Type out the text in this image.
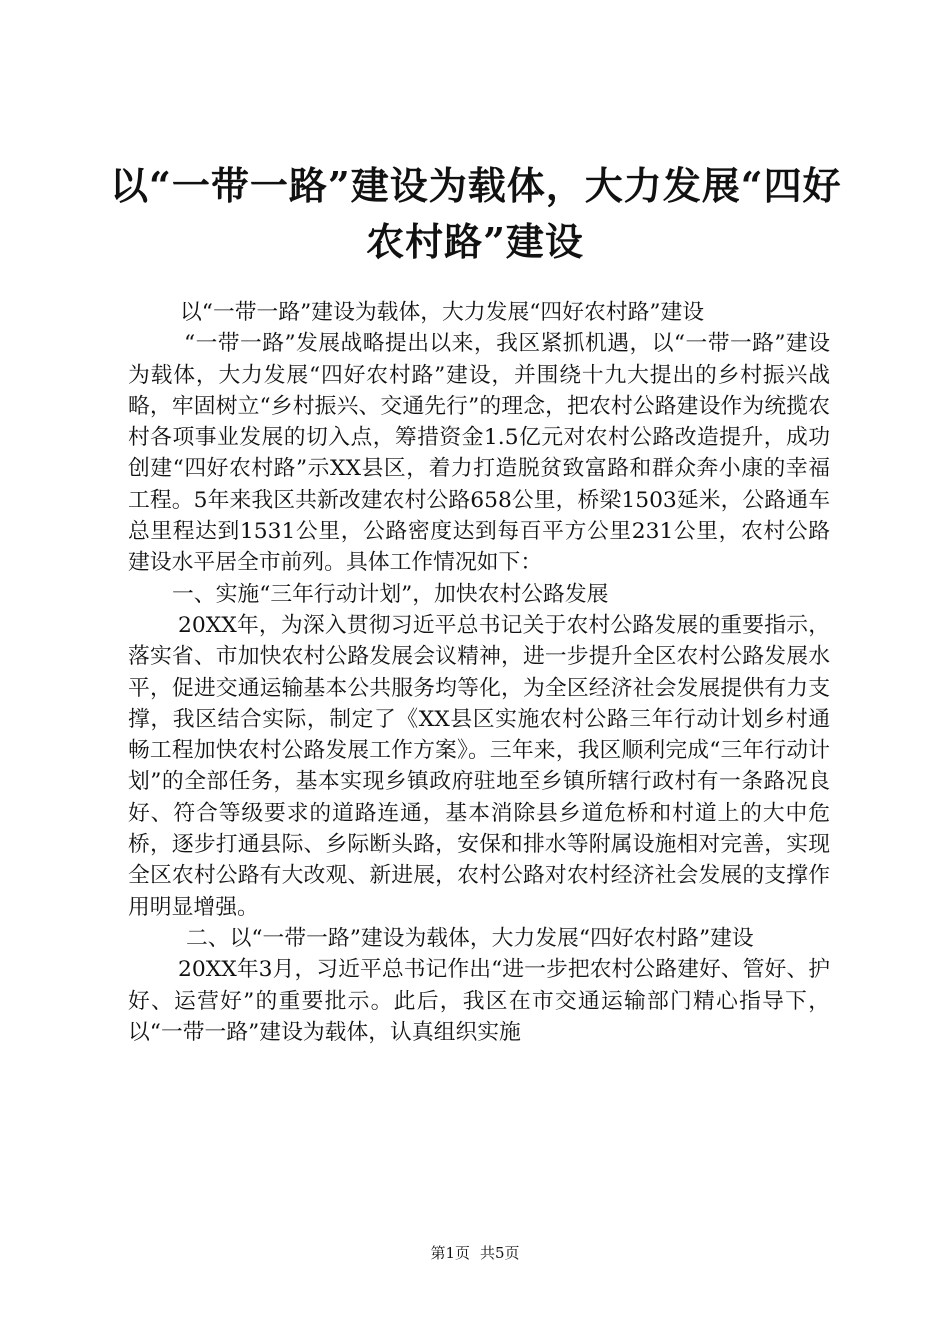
以“一带一路”建设为载体，大力发展“四好
农村路”建设

以“一带一路”建设为载体，大力发展“四好农村路”建设

“一带一路”发展战略提出以来，我区紧抓机遇，以“一带一路”建设为载体，大力发展“四好农村路”建设，并围绕十九大提出的乡村振兴战略，牢固树立“乡村振兴、交通先行”的理念，把农村公路建设作为统揽农村各项事业发展的切入点，筹措资金1.5亿元对农村公路改造提升，成功创建“四好农村路”示XX县区，着力打造脱贫致富路和群众奔小康的幸福工程。5年来我区共新改建农村公路658公里，桥梁1503延米，公路通车总里程达到1531公里，公路密度达到每百平方公里231公里，农村公路建设水平居全市前列。具体工作情况如下：

一、实施“三年行动计划”，加快农村公路发展

20XX年，为深入贯彻习近平总书记关于农村公路发展的重要指示，落实省、市加快农村公路发展会议精神，进一步提升全区农村公路发展水平，促进交通运输基本公共服务均等化，为全区经济社会发展提供有力支撑，我区结合实际，制定了《XX县区实施农村公路三年行动计划乡村通畅工程加快农村公路发展工作方案》。三年来，我区顺利完成“三年行动计划”的全部任务，基本实现乡镇政府驻地至乡镇所辖行政村有一条路况良好、符合等级要求的道路连通，基本消除县乡道危桥和村道上的大中危桥，逐步打通县际、乡际断头路，安保和排水等附属设施相对完善，实现全区农村公路有大改观、新进展，农村公路对农村经济社会发展的支撑作用明显增强。

二、以“一带一路”建设为载体，大力发展“四好农村路”建设

20XX年3月，习近平总书记作出“进一步把农村公路建好、管好、护好、运营好”的重要批示。此后，我区在市交通运输部门精心指导下，以“一带一路”建设为载体，认真组织实施

第1页 共5页
